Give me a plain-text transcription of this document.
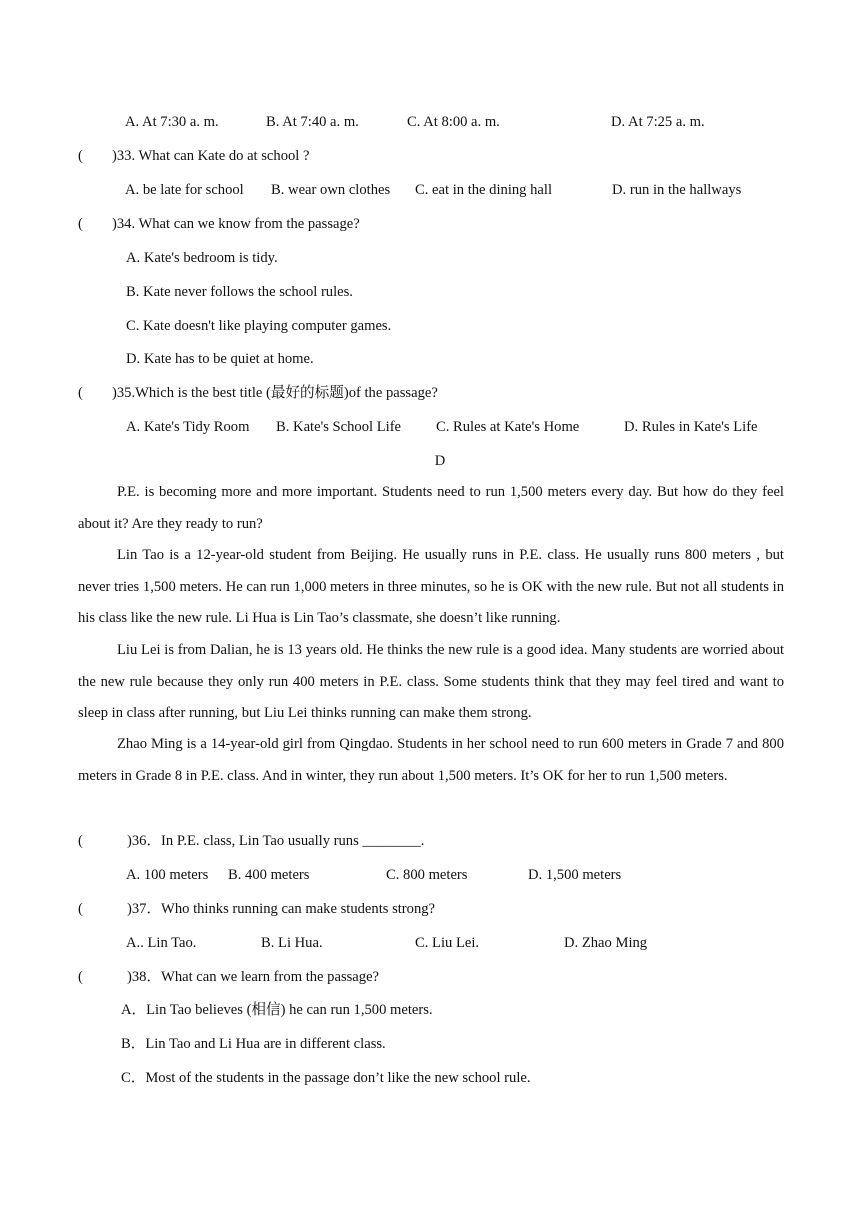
A. At 7:30 a. m.	B. At 7:40 a. m.	C. At 8:00 a. m.	D. At 7:25 a. m.
( )33. What can Kate do at school ?
A. be late for school B. wear own clothes C. eat in the dining hall	D. run in the hallways
( )34. What can we know from the passage?
A. Kate's bedroom is tidy.
B. Kate never follows the school rules.
C. Kate doesn't like playing computer games.
D. Kate has to be quiet at home.
( )35.Which is the best title (最好的标题)of the passage?
A. Kate's Tidy Room B. Kate's School Life C. Rules at Kate's Home	D. Rules in Kate's Life
D

P.E. is becoming more and more important. Students need to run 1,500 meters every day. But how do they feel about it? Are they ready to run?

Lin Tao is a 12-year-old student from Beijing. He usually runs in P.E. class. He usually runs 800 meters , but never tries 1,500 meters. He can run 1,000 meters in three minutes, so he is OK with the new rule. But not all students in his class like the new rule. Li Hua is Lin Tao’s classmate, she doesn’t like running.

Liu Lei is from Dalian, he is 13 years old. He thinks the new rule is a good idea. Many students are worried about the new rule because they only run 400 meters in P.E. class. Some students think that they may feel tired and want to sleep in class after running, but Liu Lei thinks running can make them strong.

Zhao Ming is a 14-year-old girl from Qingdao. Students in her school need to run 600 meters in Grade 7 and 800 meters in Grade 8 in P.E. class. And in winter, they run about 1,500 meters. It’s OK for her to run 1,500 meters.

(	)36．In P.E. class, Lin Tao usually runs ________.
A. 100 meters B. 400 meters	C. 800 meters	D. 1,500 meters
(	)37．Who thinks running can make students strong?
A.. Lin Tao.	B. Li Hua.	C. Liu Lei.	D. Zhao Ming
(	)38．What can we learn from the passage?
A．Lin Tao believes (相信) he can run 1,500 meters.
B．Lin Tao and Li Hua are in different class.
C．Most of the students in the passage don’t like the new school rule.
